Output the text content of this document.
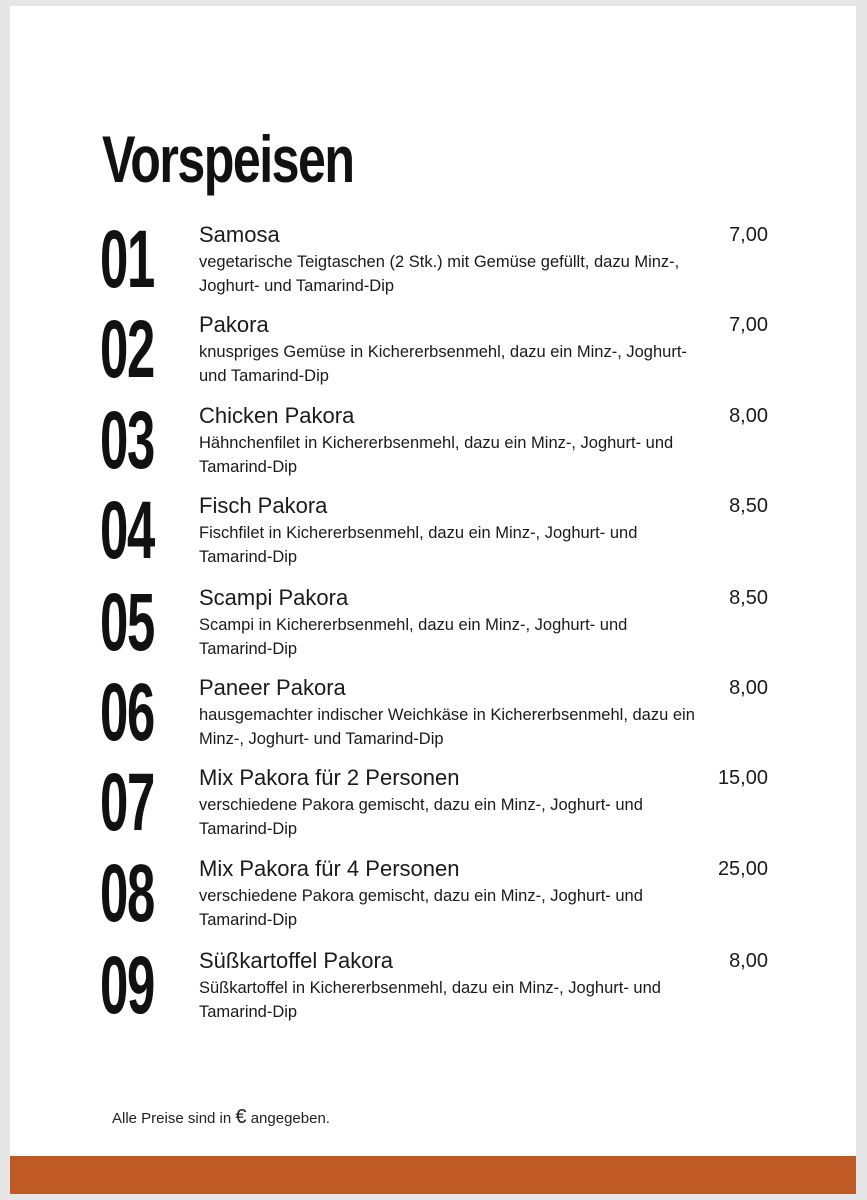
Vorspeisen
01 Samosa
vegetarische Teigtaschen (2 Stk.) mit Gemüse gefüllt, dazu Minz-, Joghurt- und Tamarind-Dip
7,00
02 Pakora
knuspriges Gemüse in Kichererbsenmehl, dazu ein Minz-, Joghurt- und Tamarind-Dip
7,00
03 Chicken Pakora
Hähnchenfilet in Kichererbsenmehl, dazu ein Minz-, Joghurt- und Tamarind-Dip
8,00
04 Fisch Pakora
Fischfilet in Kichererbsenmehl, dazu ein Minz-, Joghurt- und Tamarind-Dip
8,50
05 Scampi Pakora
Scampi in Kichererbsenmehl, dazu ein Minz-, Joghurt- und Tamarind-Dip
8,50
06 Paneer Pakora
hausgemachter indischer Weichkäse in Kichererbsenmehl, dazu ein Minz-, Joghurt- und Tamarind-Dip
8,00
07 Mix Pakora für 2 Personen
verschiedene Pakora gemischt, dazu ein Minz-, Joghurt- und Tamarind-Dip
15,00
08 Mix Pakora für 4 Personen
verschiedene Pakora gemischt, dazu ein Minz-, Joghurt- und Tamarind-Dip
25,00
09 Süßkartoffel Pakora
Süßkartoffel in Kichererbsenmehl, dazu ein Minz-, Joghurt- und Tamarind-Dip
8,00
Alle Preise sind in € angegeben.
